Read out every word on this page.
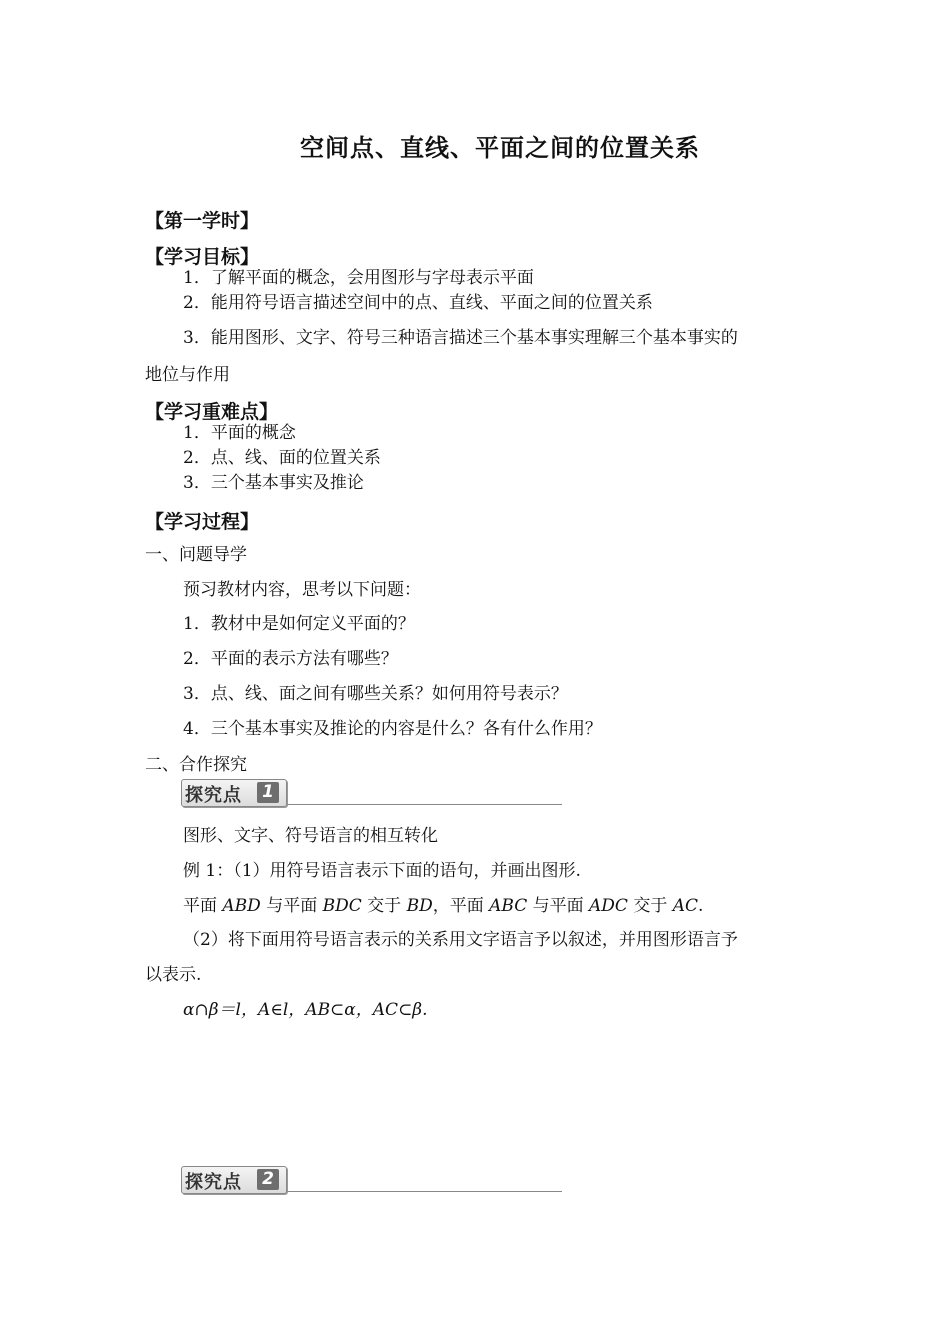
空间点、直线、平面之间的位置关系
【第一学时】
【学习目标】
1．了解平面的概念，会用图形与字母表示平面
2．能用符号语言描述空间中的点、直线、平面之间的位置关系
3．能用图形、文字、符号三种语言描述三个基本事实理解三个基本事实的
地位与作用
【学习重难点】
1．平面的概念
2．点、线、面的位置关系
3．三个基本事实及推论
【学习过程】
一、问题导学
预习教材内容，思考以下问题：
1．教材中是如何定义平面的？
2．平面的表示方法有哪些？
3．点、线、面之间有哪些关系？如何用符号表示？
4．三个基本事实及推论的内容是什么？各有什么作用？
二、合作探究
探究点 1
图形、文字、符号语言的相互转化
例 1：（1）用符号语言表示下面的语句，并画出图形.
平面 ABD 与平面 BDC 交于 BD，平面 ABC 与平面 ADC 交于 AC.
（2）将下面用符号语言表示的关系用文字语言予以叙述，并用图形语言予
以表示.
α∩β＝l，A∈l，AB⊂α，AC⊂β.
探究点 2
